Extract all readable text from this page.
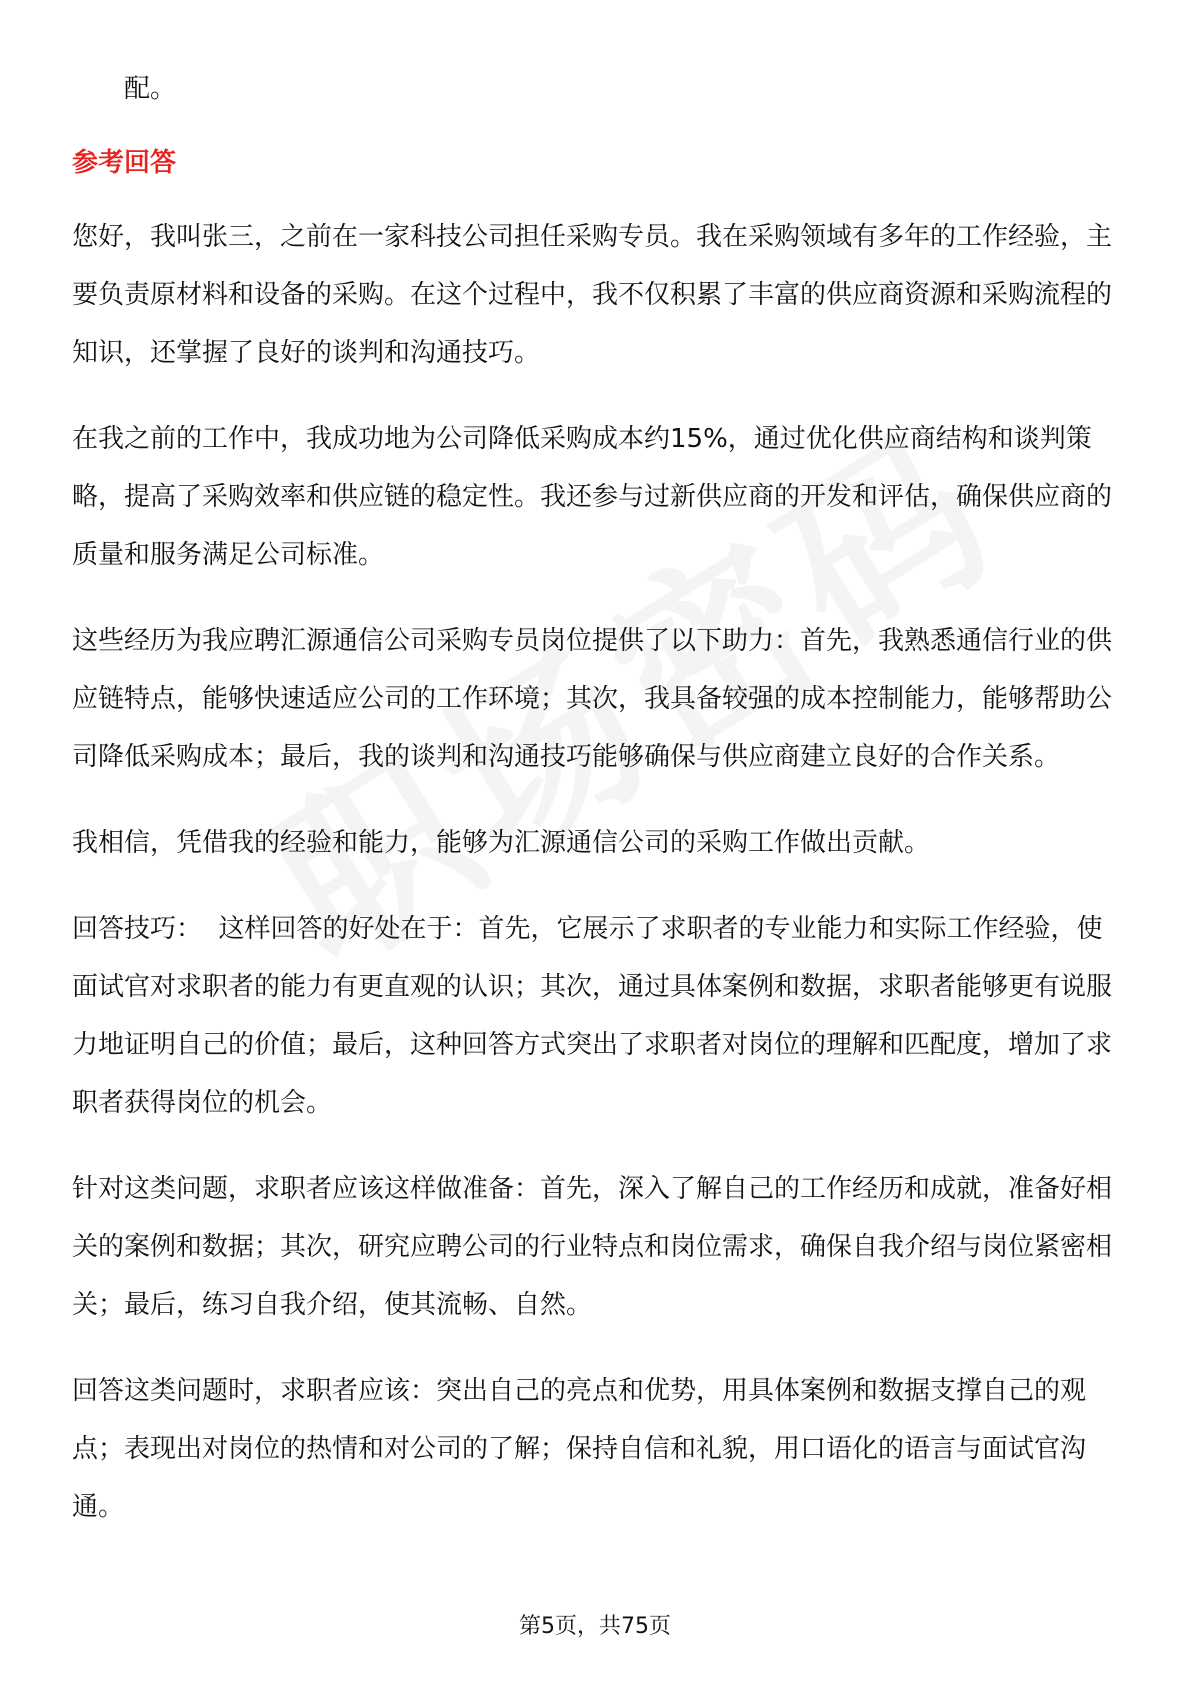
配。

参考回答

您好，我叫张三，之前在一家科技公司担任采购专员。我在采购领域有多年的工作经验，主要负责原材料和设备的采购。在这个过程中，我不仅积累了丰富的供应商资源和采购流程的知识，还掌握了良好的谈判和沟通技巧。

在我之前的工作中，我成功地为公司降低采购成本约15%，通过优化供应商结构和谈判策略，提高了采购效率和供应链的稳定性。我还参与过新供应商的开发和评估，确保供应商的质量和服务满足公司标准。

这些经历为我应聘汇源通信公司采购专员岗位提供了以下助力：首先，我熟悉通信行业的供应链特点，能够快速适应公司的工作环境；其次，我具备较强的成本控制能力，能够帮助公司降低采购成本；最后，我的谈判和沟通技巧能够确保与供应商建立良好的合作关系。

我相信，凭借我的经验和能力，能够为汇源通信公司的采购工作做出贡献。

回答技巧：  这样回答的好处在于：首先，它展示了求职者的专业能力和实际工作经验，使面试官对求职者的能力有更直观的认识；其次，通过具体案例和数据，求职者能够更有说服力地证明自己的价值；最后，这种回答方式突出了求职者对岗位的理解和匹配度，增加了求职者获得岗位的机会。

针对这类问题，求职者应该这样做准备：首先，深入了解自己的工作经历和成就，准备好相关的案例和数据；其次，研究应聘公司的行业特点和岗位需求，确保自我介绍与岗位紧密相关；最后，练习自我介绍，使其流畅、自然。

回答这类问题时，求职者应该：突出自己的亮点和优势，用具体案例和数据支撑自己的观点；表现出对岗位的热情和对公司的了解；保持自信和礼貌，用口语化的语言与面试官沟通。

第5页，共75页
